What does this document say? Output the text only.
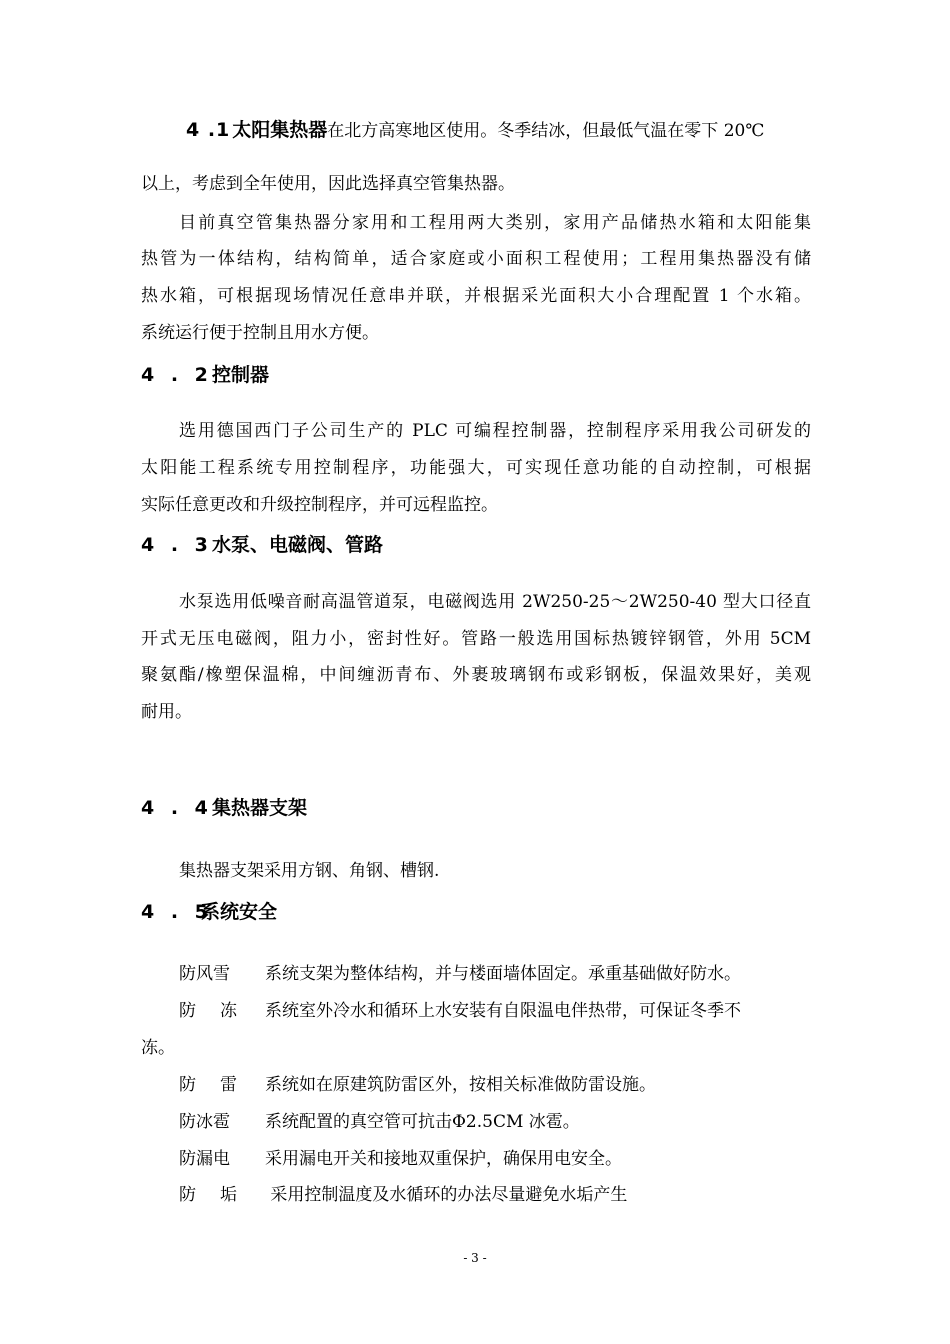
4 .1 太阳集热器在北方高寒地区使用。冬季结冰，但最低气温在零下 20℃
以上，考虑到全年使用，因此选择真空管集热器。
目前真空管集热器分家用和工程用两大类别，家用产品储热水箱和太阳能集
热管为一体结构，结构简单，适合家庭或小面积工程使用；工程用集热器没有储
热水箱，可根据现场情况任意串并联，并根据采光面积大小合理配置 1 个水箱。
系统运行便于控制且用水方便。
4 . 2控制器
选用德国西门子公司生产的 PLC 可编程控制器，控制程序采用我公司研发的
太阳能工程系统专用控制程序，功能强大，可实现任意功能的自动控制，可根据
实际任意更改和升级控制程序，并可远程监控。
4 . 3水泵、电磁阀、管路
水泵选用低噪音耐高温管道泵，电磁阀选用 2W250-25～2W250-40 型大口径直
开式无压电磁阀，阻力小，密封性好。管路一般选用国标热镀锌钢管，外用 5CM
聚氨酯/橡塑保温棉，中间缠沥青布、外裹玻璃钢布或彩钢板，保温效果好，美观
耐用。
4 . 4集热器支架
集热器支架采用方钢、角钢、槽钢.
4 . 5系统安全
防风雪 系统支架为整体结构，并与楼面墙体固定。承重基础做好防水。
防 冻 系统室外冷水和循环上水安装有自限温电伴热带，可保证冬季不
冻。
防 雷 系统如在原建筑防雷区外，按相关标准做防雷设施。
防冰雹 系统配置的真空管可抗击Φ2.5CM 冰雹。
防漏电 采用漏电开关和接地双重保护，确保用电安全。
防 垢 采用控制温度及水循环的办法尽量避免水垢产生
- 3 -
